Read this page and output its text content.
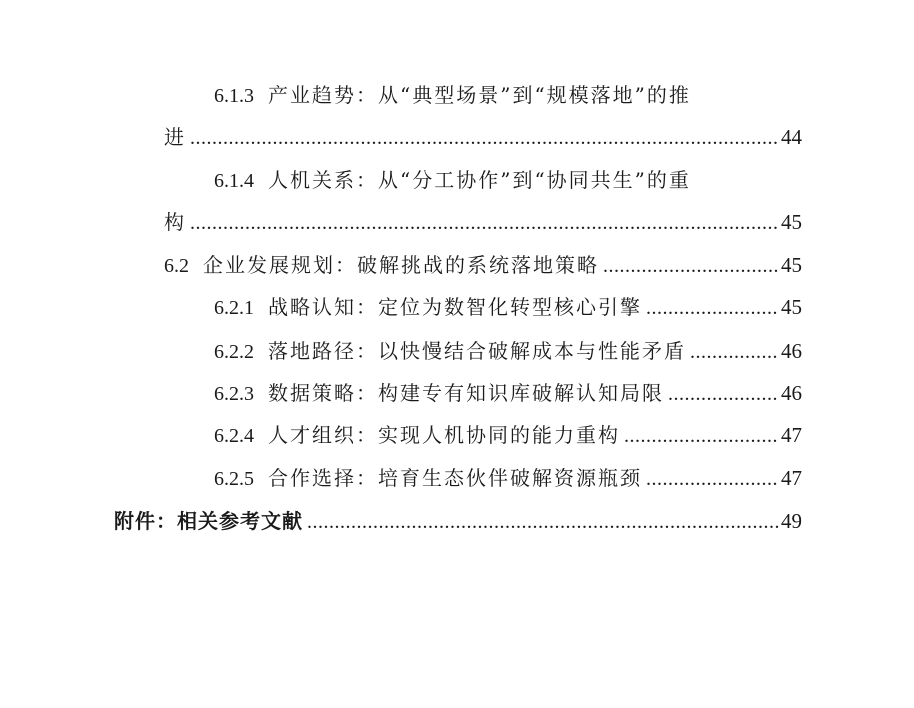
6.1.3 产业趋势：从“典型场景”到“规模落地”的推
进 .....	44
6.1.4 人机关系：从“分工协作”到“协同共生”的重
构 .....	45
6.2 企业发展规划：破解挑战的系统落地策略 .....	45
6.2.1 战略认知：定位为数智化转型核心引擎 .....	45
6.2.2 落地路径：以快慢结合破解成本与性能矛盾 .....	46
6.2.3 数据策略：构建专有知识库破解认知局限 .....	46
6.2.4 人才组织：实现人机协同的能力重构 .....	47
6.2.5 合作选择：培育生态伙伴破解资源瓶颈 .....	47
附件：相关参考文献 .....	49
